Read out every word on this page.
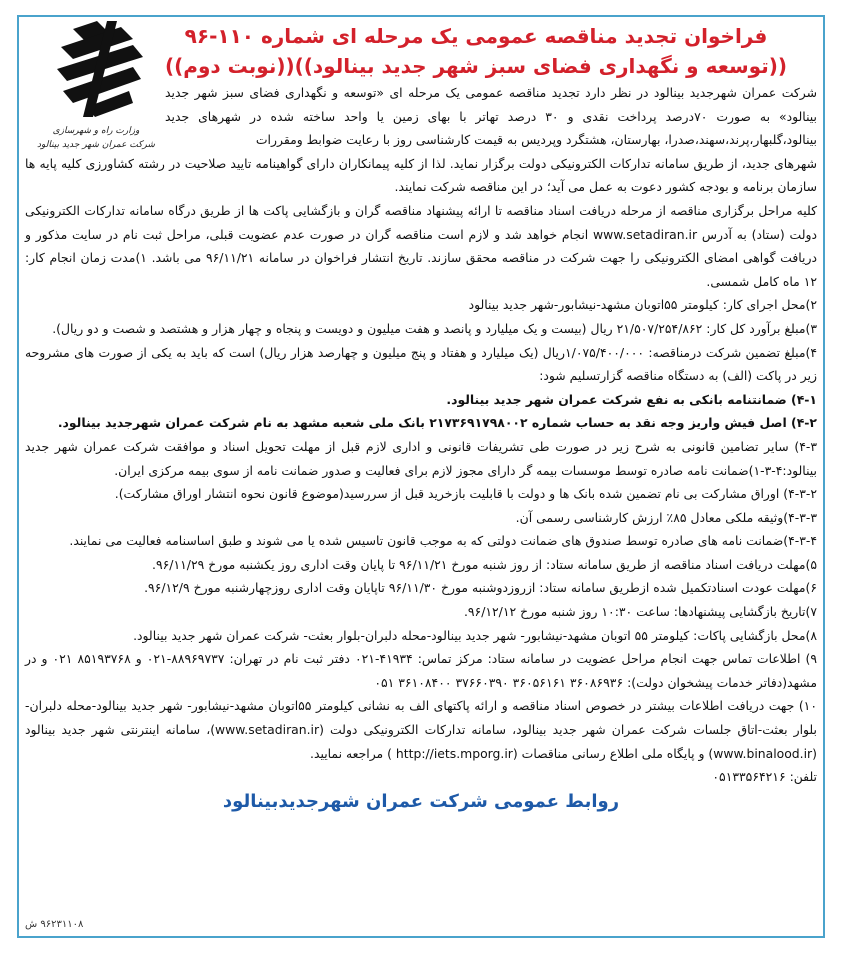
وزارت راه و شهرسازی
شرکت عمران شهر جدید بینالود
فراخوان تجدید مناقصه عمومی یک مرحله ای شماره ۱۱۰-۹۶
((توسعه و نگهداری فضای سبز شهر جدید بینالود))((نوبت دوم))

شرکت عمران شهرجدید بینالود در نظر دارد تجدید مناقصه عمومی یک مرحله ای «توسعه و نگهداری فضای سبز شهر جدید بینالود» به صورت ۷۰درصد پرداخت نقدی و ۳۰ درصد تهاتر با بهای زمین یا واحد ساخته شده در شهرهای جدید بینالود،گلبهار،پرند،سهند،صدرا، بهارستان، هشتگرد وپردیس به قیمت کارشناسی روز با رعایت ضوابط ومقررات

شهرهای جدید، از طریق سامانه تدارکات الکترونیکی دولت برگزار نماید. لذا از کلیه پیمانکاران دارای گواهینامه تایید صلاحیت در رشته کشاورزی کلیه پایه ها سازمان برنامه و بودجه کشور دعوت به عمل می آید؛ در این مناقصه شرکت نمایند.

کلیه مراحل برگزاری مناقصه از مرحله دریافت اسناد مناقصه تا ارائه پیشنهاد مناقصه گران و بازگشایی پاکت ها از طریق درگاه سامانه تدارکات الکترونیکی دولت (ستاد) به آدرس www.setadiran.ir انجام خواهد شد و لازم است مناقصه گران در صورت عدم عضویت قبلی، مراحل ثبت نام در سایت مذکور و دریافت گواهی امضای الکترونیکی را جهت شرکت در مناقصه محقق سازند. تاریخ انتشار فراخوان در سامانه ۹۶/۱۱/۲۱ می باشد. ۱)مدت زمان انجام کار: ۱۲ ماه کامل شمسی.

۲)محل اجرای کار: کیلومتر ۵۵اتوبان مشهد-نیشابور-شهر جدید بینالود

۳)مبلغ برآورد کل کار: ۲۱/۵۰۷/۲۵۴/۸۶۲ ریال (بیست و یک میلیارد و پانصد و هفت میلیون و دویست و پنجاه و چهار هزار و هشتصد و شصت و دو ریال).

۴)مبلغ تضمین شرکت درمناقصه: ۱/۰۷۵/۴۰۰/۰۰۰ریال (یک میلیارد و هفتاد و پنج میلیون و چهارصد هزار ریال) است که باید به یکی از صورت های مشروحه زیر در پاکت (الف) به دستگاه مناقصه گزارتسلیم شود:

۴-۱) ضمانتنامه بانکی به نفع شرکت عمران شهر جدید بینالود.

۴-۲) اصل فیش واریز وجه نقد به حساب شماره ۲۱۷۳۶۹۱۷۹۸۰۰۲ بانک ملی شعبه مشهد به نام شرکت عمران شهرجدید بینالود.

۴-۳) سایر تضامین قانونی به شرح زیر در صورت طی تشریفات قانونی و اداری لازم قبل از مهلت تحویل اسناد و موافقت شرکت عمران شهر جدید بینالود:۴-۳-۱)ضمانت نامه صادره توسط موسسات بیمه گر دارای مجوز لازم برای فعالیت و صدور ضمانت نامه از سوی بیمه مرکزی ایران.

۴-۳-۲) اوراق مشارکت بی نام تضمین شده بانک ها و دولت با قابلیت بازخرید قبل از سررسید(موضوع قانون نحوه انتشار اوراق مشارکت).

۴-۳-۳)وثیقه ملکی معادل ۸۵٪ ارزش کارشناسی رسمی آن.

۴-۳-۴)ضمانت نامه های صادره توسط صندوق های ضمانت دولتی که به موجب قانون تاسیس شده یا می شوند و طبق اساسنامه فعالیت می نمایند.

۵)مهلت دریافت اسناد مناقصه از طریق سامانه ستاد: از روز شنبه مورخ ۹۶/۱۱/۲۱ تا پایان وقت اداری روز یکشنبه مورخ ۹۶/۱۱/۲۹.

۶)مهلت عودت اسنادتکمیل شده ازطریق سامانه ستاد: ازروزدوشنبه مورخ ۹۶/۱۱/۳۰ تاپایان وقت اداری روزچهارشنبه مورخ ۹۶/۱۲/۹.

۷)تاریخ بازگشایی پیشنهادها: ساعت ۱۰:۳۰ روز شنبه مورخ ۹۶/۱۲/۱۲.

۸)محل بازگشایی پاکات: کیلومتر ۵۵ اتوبان مشهد-نیشابور- شهر جدید بینالود-محله دلبران-بلوار بعثت- شرکت عمران شهر جدید بینالود.

۹) اطلاعات تماس جهت انجام مراحل عضویت در سامانه ستاد: مرکز تماس: ۴۱۹۳۴-۰۲۱ دفتر ثبت نام در تهران: ۸۸۹۶۹۷۳۷-۰۲۱ و ۸۵۱۹۳۷۶۸ ۰۲۱ و در مشهد(دفاتر خدمات پیشخوان دولت): ۳۶۰۸۶۹۳۶ ۳۶۰۵۶۱۶۱ ۳۷۶۶۰۳۹۰ ۳۶۱۰۸۴۰۰ ۰۵۱

۱۰) جهت دریافت اطلاعات بیشتر در خصوص اسناد مناقصه و ارائه پاکتهای الف به نشانی کیلومتر ۵۵اتوبان مشهد-نیشابور- شهر جدید بینالود-محله دلبران-بلوار بعثت-اتاق جلسات شرکت عمران شهر جدید بینالود، سامانه تدارکات الکترونیکی دولت (www.setadiran.ir)، سامانه اینترنتی شهر جدید بینالود (www.binalood.ir) و پایگاه ملی اطلاع رسانی مناقصات (http://iets.mporg.ir ) مراجعه نمایید.

تلفن: ۰۵۱۳۳۵۶۴۲۱۶

روابط عمومی شرکت عمران شهرجدیدبینالود
۹۶۲۳۱۱۰۸ ش
